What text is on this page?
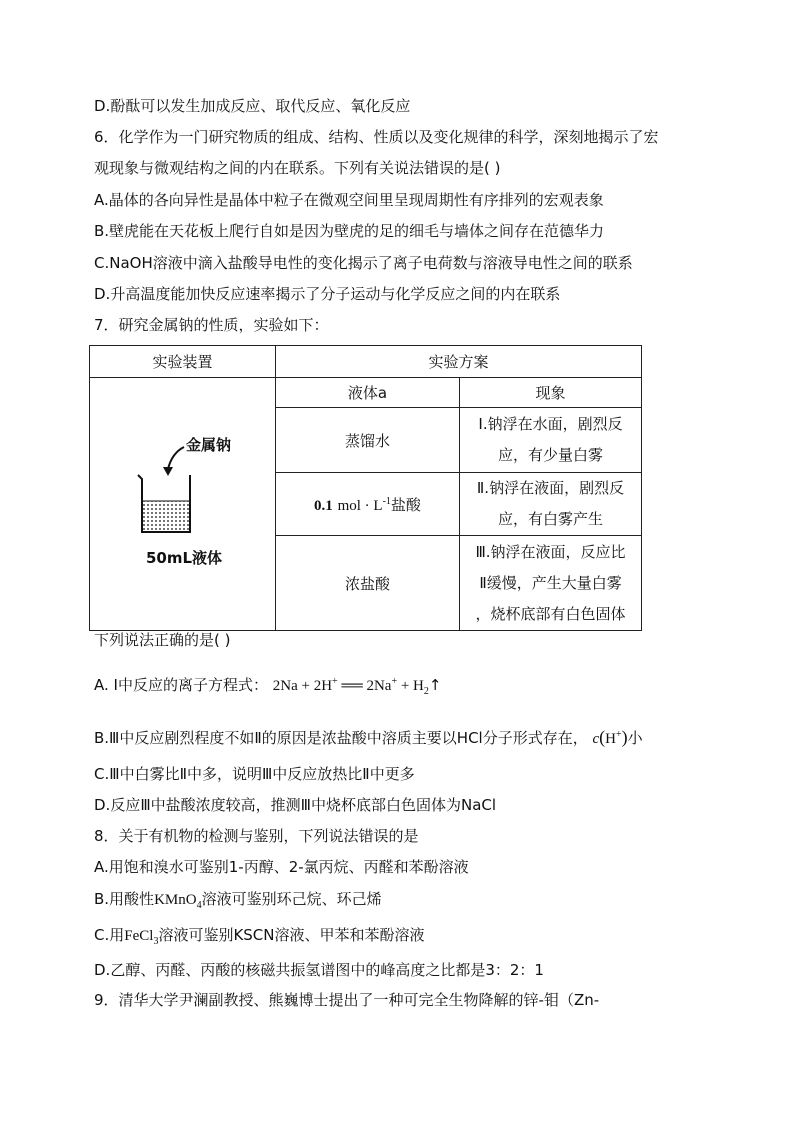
D.酚酞可以发生加成反应、取代反应、氧化反应
6．化学作为一门研究物质的组成、结构、性质以及变化规律的科学，深刻地揭示了宏
观现象与微观结构之间的内在联系。下列有关说法错误的是( )
A.晶体的各向异性是晶体中粒子在微观空间里呈现周期性有序排列的宏观表象
B.壁虎能在天花板上爬行自如是因为壁虎的足的细毛与墙体之间存在范德华力
C.NaOH溶液中滴入盐酸导电性的变化揭示了离子电荷数与溶液导电性之间的联系
D.升高温度能加快反应速率揭示了分子运动与化学反应之间的内在联系
7．研究金属钠的性质，实验如下：
实验装置	实验方案	

金属钠
50mL液体	液体a	现象
	蒸馏水	Ⅰ.钠浮在水面，剧烈反
应，有少量白雾

	0.1 mol · $L^{-1}$盐酸	Ⅱ.钠浮在液面，剧烈反
应，有白雾产生

	浓盐酸	Ⅲ.钠浮在液面，反应比
Ⅱ缓慢，产生大量白雾
，烧杯底部有白色固体
下列说法正确的是( )
A. Ⅰ中反应的离子方程式： 2Na + 2H+ ══ $2Na^+ + H_2↑$
B.Ⅲ中反应剧烈程度不如Ⅱ的原因是浓盐酸中溶质主要以HCl分子形式存在， c(H+)小
C.Ⅲ中白雾比Ⅱ中多，说明Ⅲ中反应放热比Ⅱ中更多
D.反应Ⅲ中盐酸浓度较高，推测Ⅲ中烧杯底部白色固体为NaCl
8．关于有机物的检测与鉴别，下列说法错误的是
A.用饱和溴水可鉴别1-丙醇、2-氯丙烷、丙醛和苯酚溶液
B.用酸性KMnO$_4$溶液可鉴别环己烷、环己烯
C.用FeCl$_3$溶液可鉴别KSCN溶液、甲苯和苯酚溶液
D.乙醇、丙醛、丙酸的核磁共振氢谱图中的峰高度之比都是3：2：1
9．清华大学尹澜副教授、熊巍博士提出了一种可完全生物降解的锌-钼（Zn-
